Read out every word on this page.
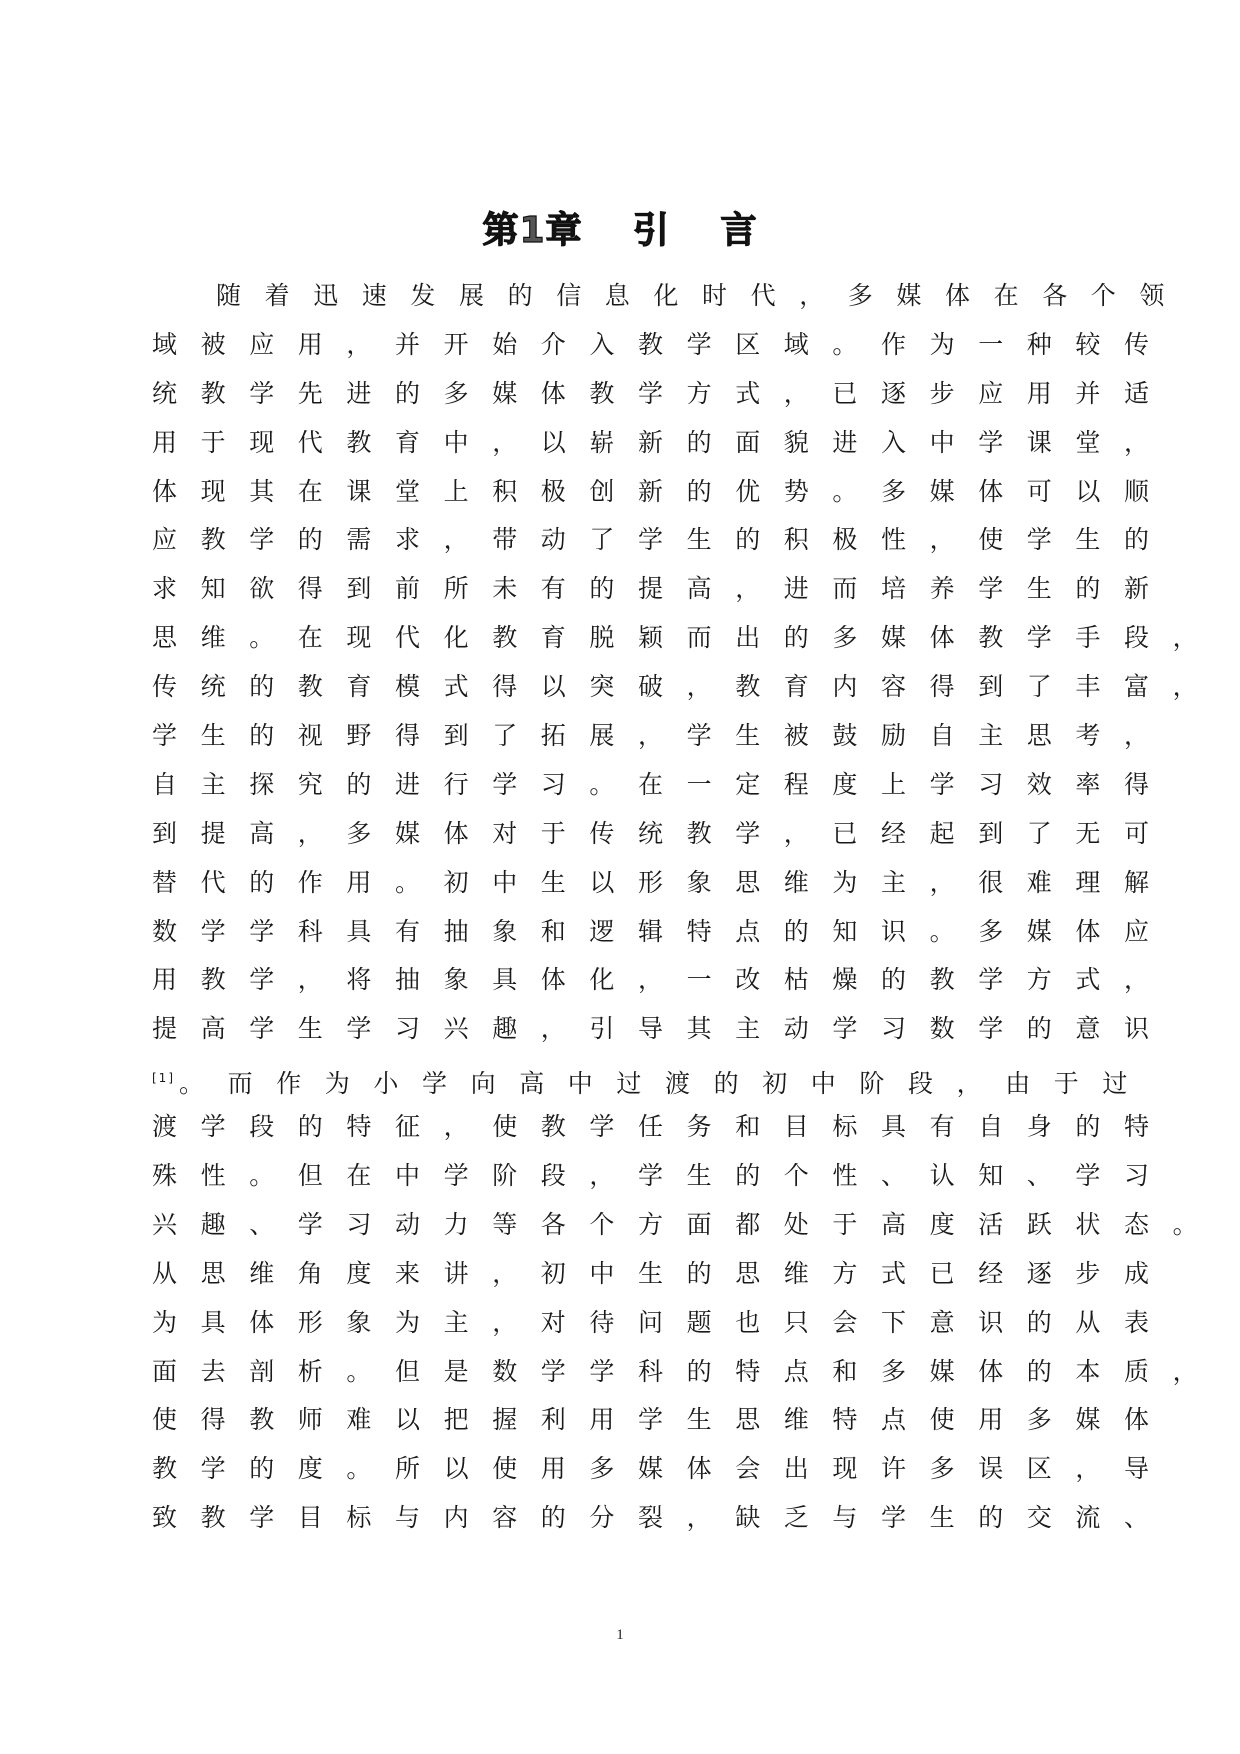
第1章　 引　 言
随着迅速发展的信息化时代，多媒体在各个领
域被应用，并开始介入教学区域。作为一种较传
统教学先进的多媒体教学方式，已逐步应用并适
用于现代教育中，以崭新的面貌进入中学课堂，
体现其在课堂上积极创新的优势。多媒体可以顺
应教学的需求，带动了学生的积极性，使学生的
求知欲得到前所未有的提高，进而培养学生的新
思维。在现代化教育脱颖而出的多媒体教学手段，
传统的教育模式得以突破，教育内容得到了丰富，
学生的视野得到了拓展，学生被鼓励自主思考，
自主探究的进行学习。在一定程度上学习效率得
到提高，多媒体对于传统教学，已经起到了无可
替代的作用。初中生以形象思维为主，很难理解
数学学科具有抽象和逻辑特点的知识。多媒体应
用教学，将抽象具体化，一改枯燥的教学方式，
提高学生学习兴趣，引导其主动学习数学的意识
[1] 。而作为小学向高中过渡的初中阶段，由于过
渡学段的特征，使教学任务和目标具有自身的特
殊性。但在中学阶段，学生的个性、认知、学习
兴趣、学习动力等各个方面都处于高度活跃状态。
从思维角度来讲，初中生的思维方式已经逐步成
为具体形象为主，对待问题也只会下意识的从表
面去剖析。但是数学学科的特点和多媒体的本质，
使得教师难以把握利用学生思维特点使用多媒体
教学的度。所以使用多媒体会出现许多误区，导
致教学目标与内容的分裂，缺乏与学生的交流、
1
